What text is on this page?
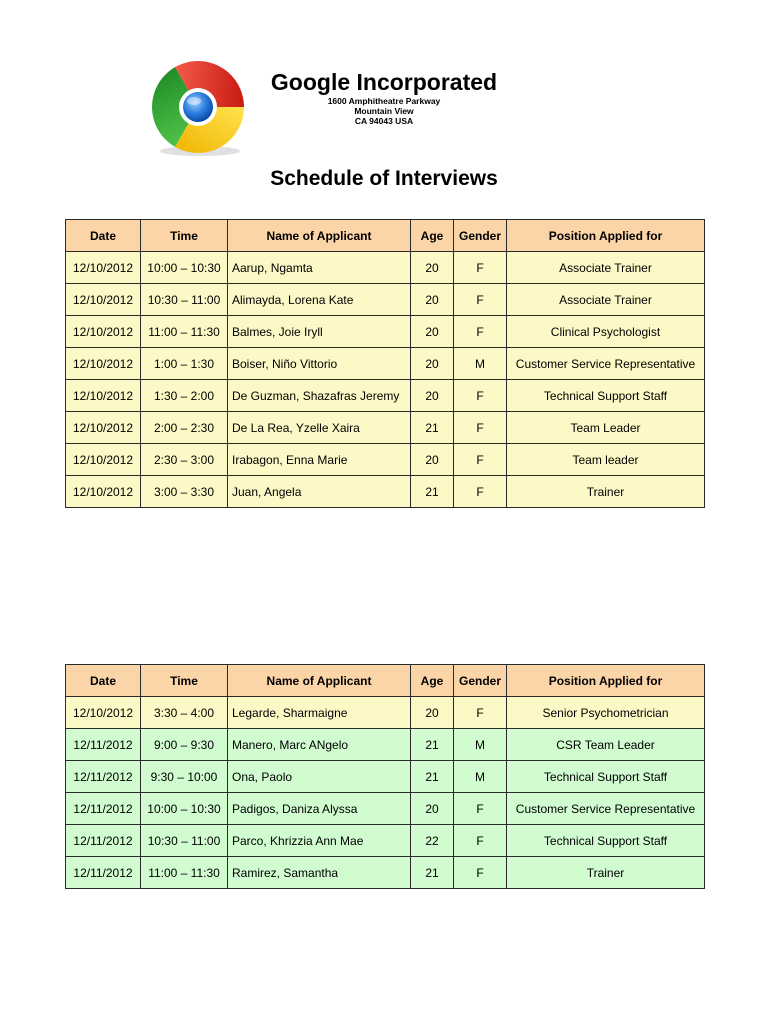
Google Incorporated
1600 Amphitheatre Parkway
Mountain View
CA 94043 USA
Schedule of Interviews
Date	Time	Name of Applicant	Age	Gender	Position Applied for
12/10/2012	10:00 – 10:30	Aarup, Ngamta	20	F	Associate Trainer
12/10/2012	10:30 – 11:00	Alimayda, Lorena Kate	20	F	Associate Trainer
12/10/2012	11:00 – 11:30	Balmes, Joie Iryll	20	F	Clinical Psychologist
12/10/2012	1:00 – 1:30	Boiser, Niño Vittorio	20	M	Customer Service Representative
12/10/2012	1:30 – 2:00	De Guzman, Shazafras Jeremy	20	F	Technical Support Staff
12/10/2012	2:00 – 2:30	De La Rea, Yzelle Xaira	21	F	Team Leader
12/10/2012	2:30 – 3:00	Irabagon, Enna Marie	20	F	Team leader
12/10/2012	3:00 – 3:30	Juan, Angela	21	F	Trainer
Date	Time	Name of Applicant	Age	Gender	Position Applied for
12/10/2012	3:30 – 4:00	Legarde, Sharmaigne	20	F	Senior Psychometrician
12/11/2012	9:00 – 9:30	Manero, Marc ANgelo	21	M	CSR Team Leader
12/11/2012	9:30 – 10:00	Ona, Paolo	21	M	Technical Support Staff
12/11/2012	10:00 – 10:30	Padigos, Daniza Alyssa	20	F	Customer Service Representative
12/11/2012	10:30 – 11:00	Parco, Khrizzia Ann Mae	22	F	Technical Support Staff
12/11/2012	11:00 – 11:30	Ramirez, Samantha	21	F	Trainer
